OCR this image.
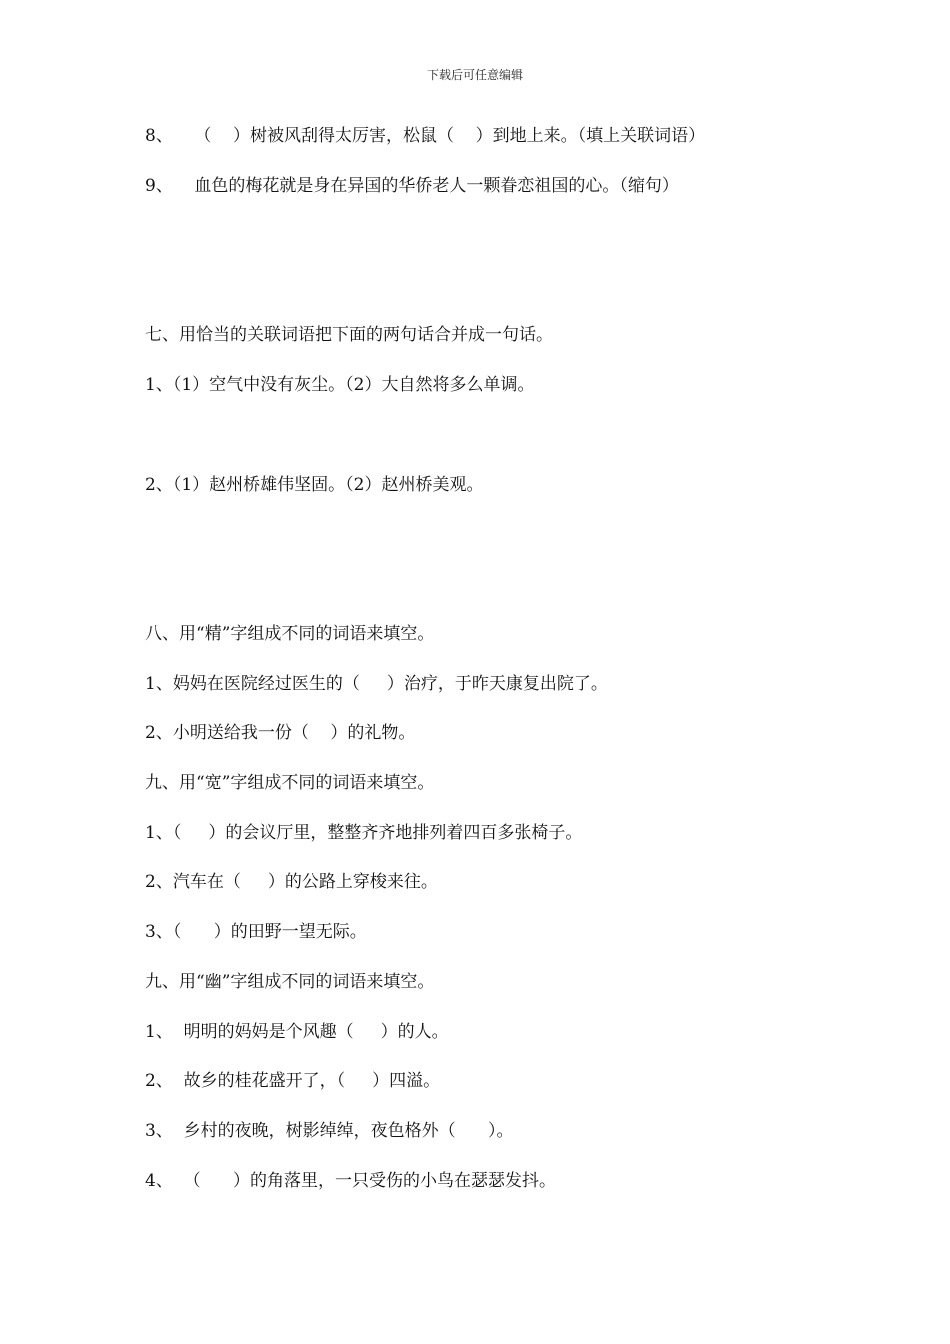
下载后可任意编辑
8、    （    ）树被风刮得太厉害，松鼠（    ）到地上来。（填上关联词语）
9、    血色的梅花就是身在异国的华侨老人一颗眷恋祖国的心。（缩句）
七、用恰当的关联词语把下面的两句话合并成一句话。
1、（1）空气中没有灰尘。（2）大自然将多么单调。
2、（1）赵州桥雄伟坚固。（2）赵州桥美观。
八、用“精”字组成不同的词语来填空。
1、妈妈在医院经过医生的（     ）治疗，于昨天康复出院了。
2、小明送给我一份（    ）的礼物。
九、用“宽”字组成不同的词语来填空。
1、（     ）的会议厅里，整整齐齐地排列着四百多张椅子。
2、汽车在（     ）的公路上穿梭来往。
3、（      ）的田野一望无际。
九、用“幽”字组成不同的词语来填空。
1、  明明的妈妈是个风趣（     ）的人。
2、  故乡的桂花盛开了，（     ）四溢。
3、  乡村的夜晚，树影绰绰，夜色格外（      ）。
4、  （      ）的角落里，一只受伤的小鸟在瑟瑟发抖。
